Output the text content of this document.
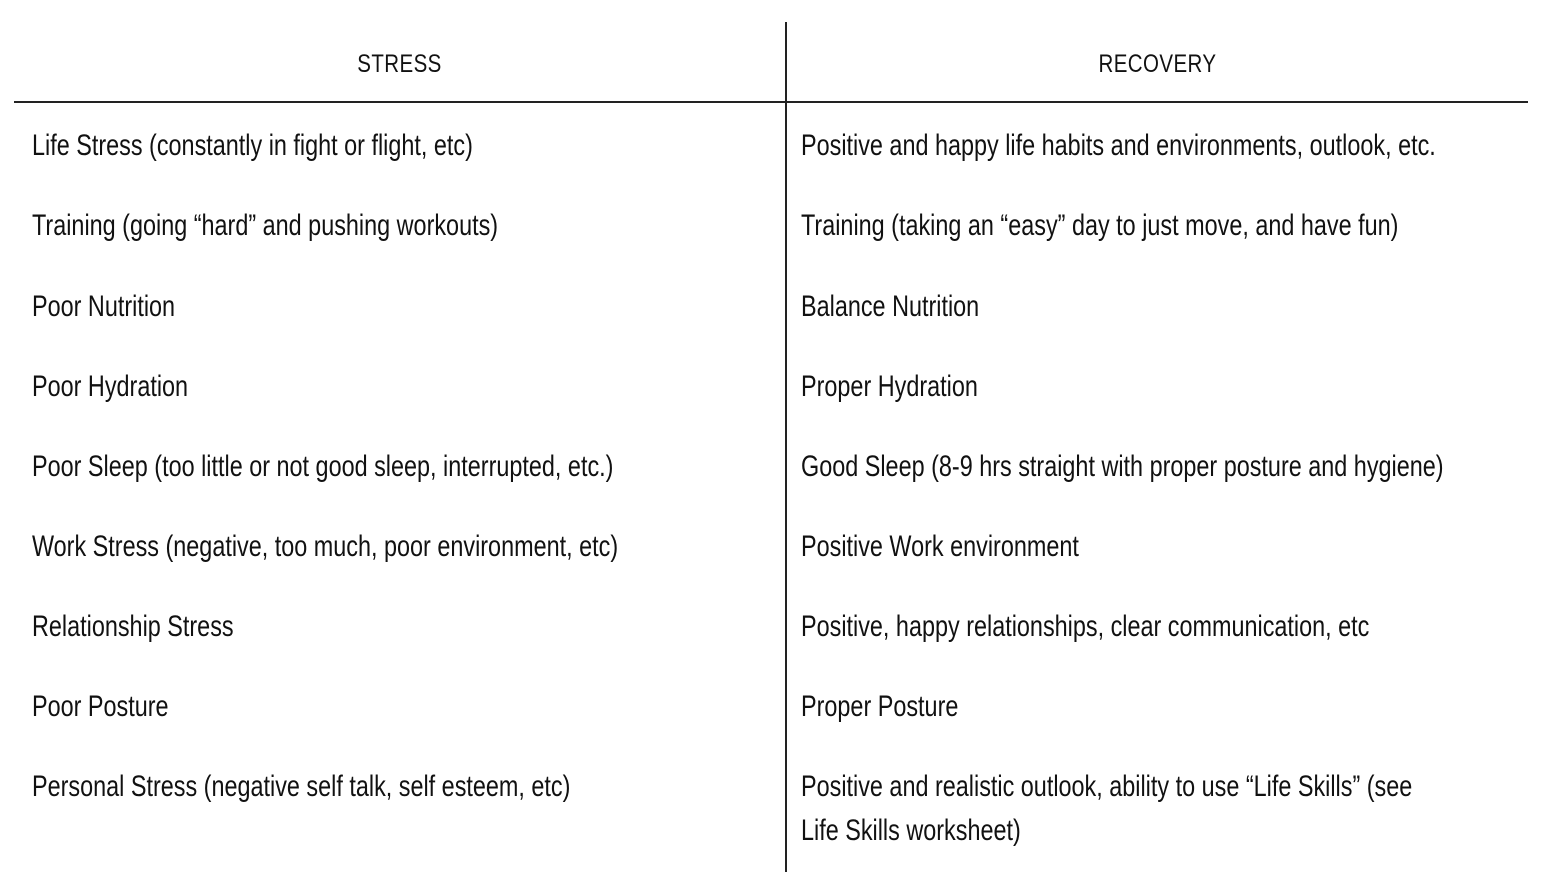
STRESS	RECOVERY
Life Stress (constantly in fight or flight, etc)	Positive and happy life habits and environments, outlook, etc.
Training (going “hard” and pushing workouts)	Training (taking an “easy” day to just move, and have fun)
Poor Nutrition	Balance Nutrition
Poor Hydration	Proper Hydration
Poor Sleep (too little or not good sleep, interrupted, etc.)	Good Sleep (8-9 hrs straight with proper posture and hygiene)
Work Stress (negative, too much, poor environment, etc)	Positive Work environment
Relationship Stress	Positive, happy relationships, clear communication, etc
Poor Posture	Proper Posture
Personal Stress (negative self talk, self esteem, etc)	Positive and realistic outlook, ability to use “Life Skills” (see
Life Skills worksheet)
